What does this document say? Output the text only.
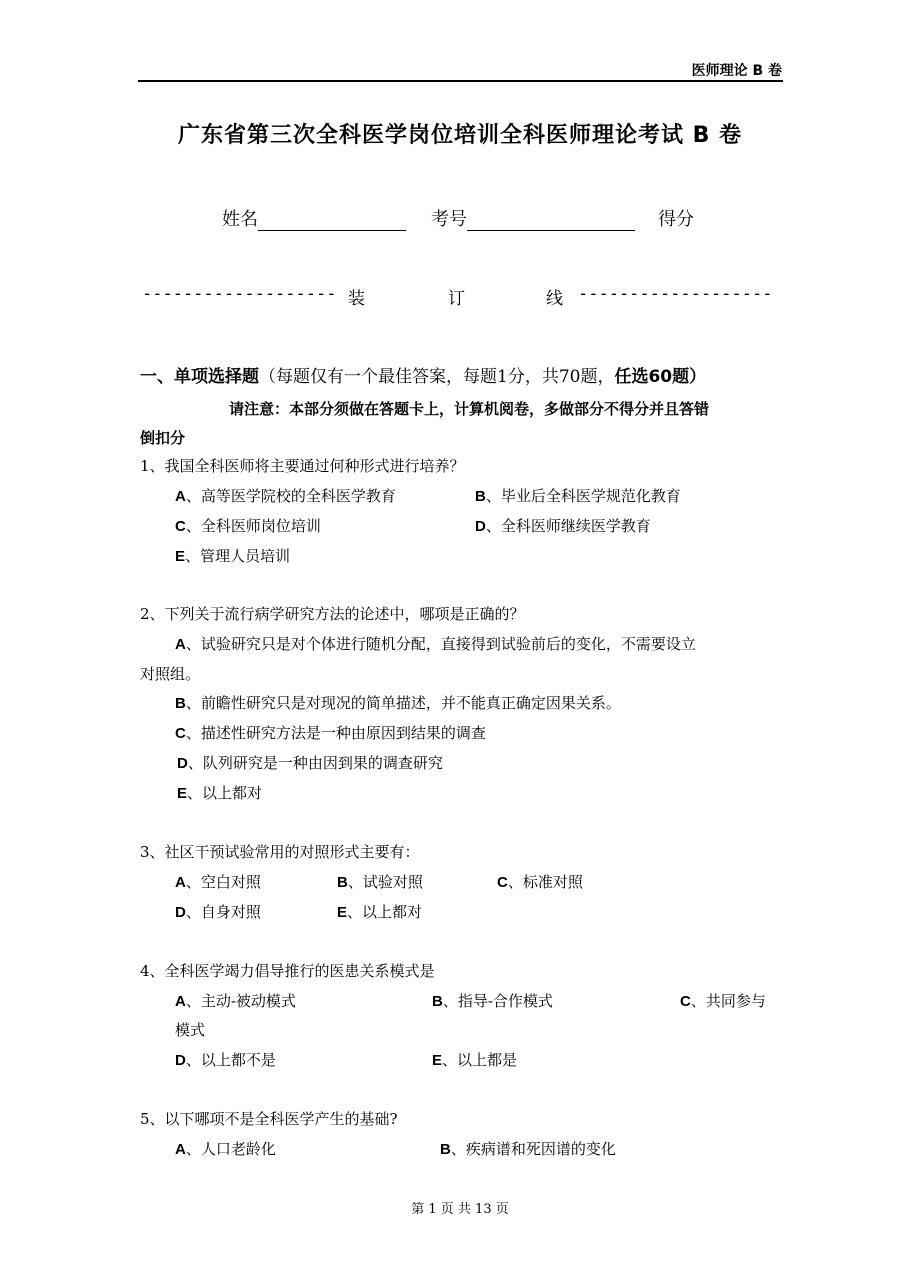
医师理论 B 卷
广东省第三次全科医学岗位培训全科医师理论考试 B 卷
姓名	考号	得分
------------------- 装	订	线 -------------------
一、单项选择题（每题仅有一个最佳答案，每题1分，共70题，任选60题）
请注意：本部分须做在答题卡上，计算机阅卷，多做部分不得分并且答错
倒扣分
1、我国全科医师将主要通过何种形式进行培养？
A、高等医学院校的全科医学教育	B、毕业后全科医学规范化教育
C、全科医师岗位培训	D、全科医师继续医学教育
E、管理人员培训
2、下列关于流行病学研究方法的论述中，哪项是正确的？
A、试验研究只是对个体进行随机分配，直接得到试验前后的变化，不需要设立
对照组。
B、前瞻性研究只是对现况的简单描述，并不能真正确定因果关系。
C、描述性研究方法是一种由原因到结果的调查
D、队列研究是一种由因到果的调查研究
E、以上都对
3、社区干预试验常用的对照形式主要有：
A、空白对照	B、试验对照	C、标准对照
D、自身对照	E、以上都对
4、全科医学竭力倡导推行的医患关系模式是
A、主动-被动模式	B、指导-合作模式	C、共同参与
模式
D、以上都不是	E、以上都是
5、以下哪项不是全科医学产生的基础?
A、人口老龄化	B、疾病谱和死因谱的变化
第 1 页 共 13 页
